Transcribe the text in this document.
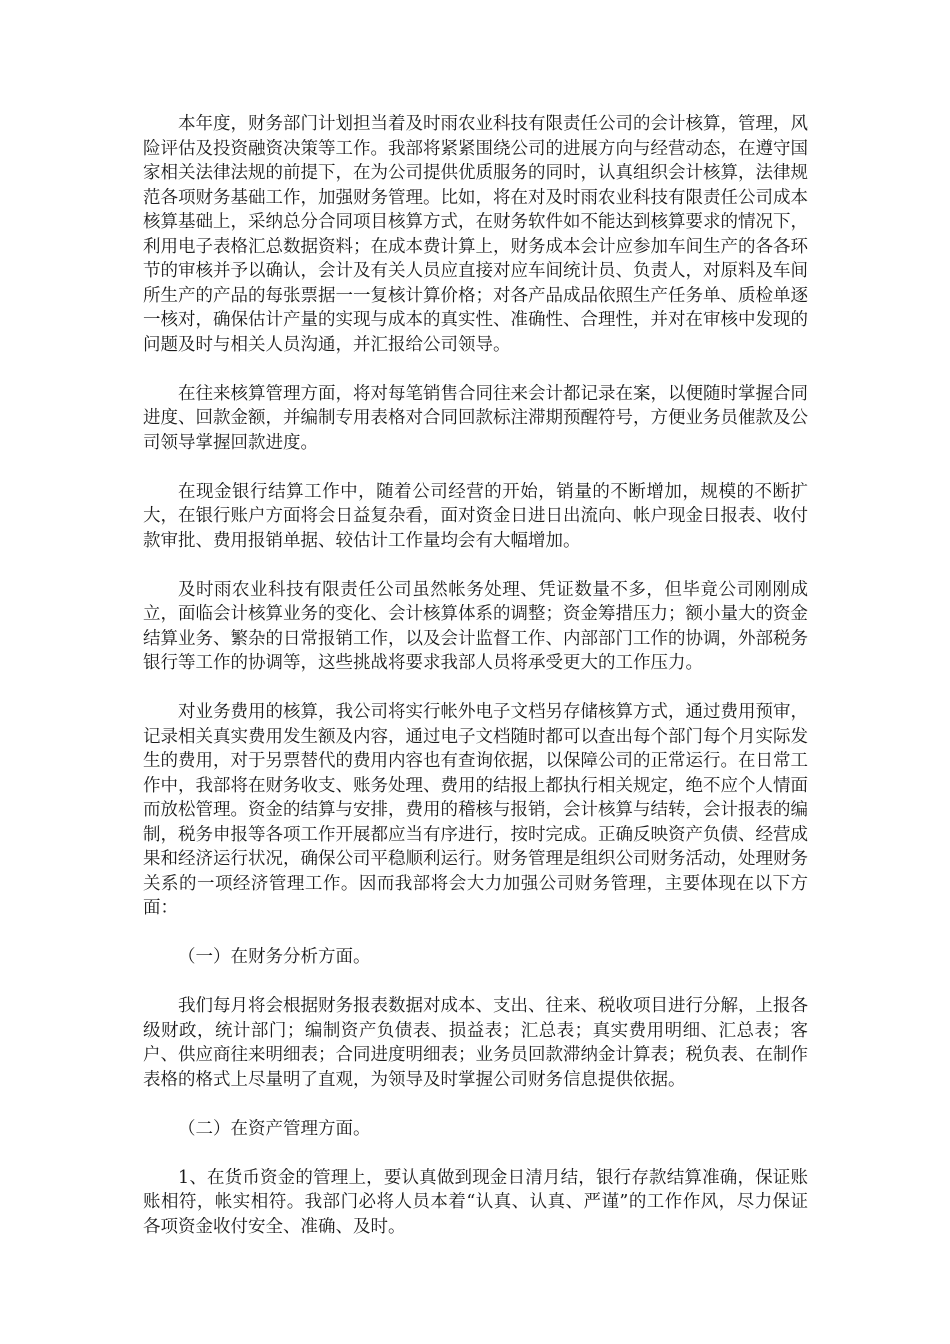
本年度，财务部门计划担当着及时雨农业科技有限责任公司的会计核算，管理，风险评估及投资融资决策等工作。我部将紧紧围绕公司的进展方向与经营动态，在遵守国家相关法律法规的前提下，在为公司提供优质服务的同时，认真组织会计核算，法律规范各项财务基础工作，加强财务管理。比如，将在对及时雨农业科技有限责任公司成本核算基础上，采纳总分合同项目核算方式，在财务软件如不能达到核算要求的情况下，利用电子表格汇总数据资料；在成本费计算上，财务成本会计应参加车间生产的各各环节的审核并予以确认，会计及有关人员应直接对应车间统计员、负责人，对原料及车间所生产的产品的每张票据一一复核计算价格；对各产品成品依照生产任务单、质检单逐一核对，确保估计产量的实现与成本的真实性、准确性、合理性，并对在审核中发现的问题及时与相关人员沟通，并汇报给公司领导。

在往来核算管理方面，将对每笔销售合同往来会计都记录在案，以便随时掌握合同进度、回款金额，并编制专用表格对合同回款标注滞期预醒符号，方便业务员催款及公司领导掌握回款进度。

在现金银行结算工作中，随着公司经营的开始，销量的不断增加，规模的不断扩大，在银行账户方面将会日益复杂看，面对资金日进日出流向、帐户现金日报表、收付款审批、费用报销单据、较估计工作量均会有大幅增加。

及时雨农业科技有限责任公司虽然帐务处理、凭证数量不多，但毕竟公司刚刚成立，面临会计核算业务的变化、会计核算体系的调整；资金筹措压力；额小量大的资金结算业务、繁杂的日常报销工作，以及会计监督工作、内部部门工作的协调，外部税务银行等工作的协调等，这些挑战将要求我部人员将承受更大的工作压力。

对业务费用的核算，我公司将实行帐外电子文档另存储核算方式，通过费用预审，记录相关真实费用发生额及内容，通过电子文档随时都可以查出每个部门每个月实际发生的费用，对于另票替代的费用内容也有查询依据，以保障公司的正常运行。在日常工作中，我部将在财务收支、账务处理、费用的结报上都执行相关规定，绝不应个人情面而放松管理。资金的结算与安排，费用的稽核与报销，会计核算与结转，会计报表的编制，税务申报等各项工作开展都应当有序进行，按时完成。正确反映资产负债、经营成果和经济运行状况，确保公司平稳顺利运行。财务管理是组织公司财务活动，处理财务关系的一项经济管理工作。因而我部将会大力加强公司财务管理，主要体现在以下方面：

（一）在财务分析方面。

我们每月将会根据财务报表数据对成本、支出、往来、税收项目进行分解，上报各级财政，统计部门；编制资产负债表、损益表；汇总表；真实费用明细、汇总表；客户、供应商往来明细表；合同进度明细表；业务员回款滞纳金计算表；税负表、在制作表格的格式上尽量明了直观，为领导及时掌握公司财务信息提供依据。

（二）在资产管理方面。

1、在货币资金的管理上，要认真做到现金日清月结，银行存款结算准确，保证账账相符，帐实相符。我部门必将人员本着“认真、认真、严谨”的工作作风，尽力保证各项资金收付安全、准确、及时。
